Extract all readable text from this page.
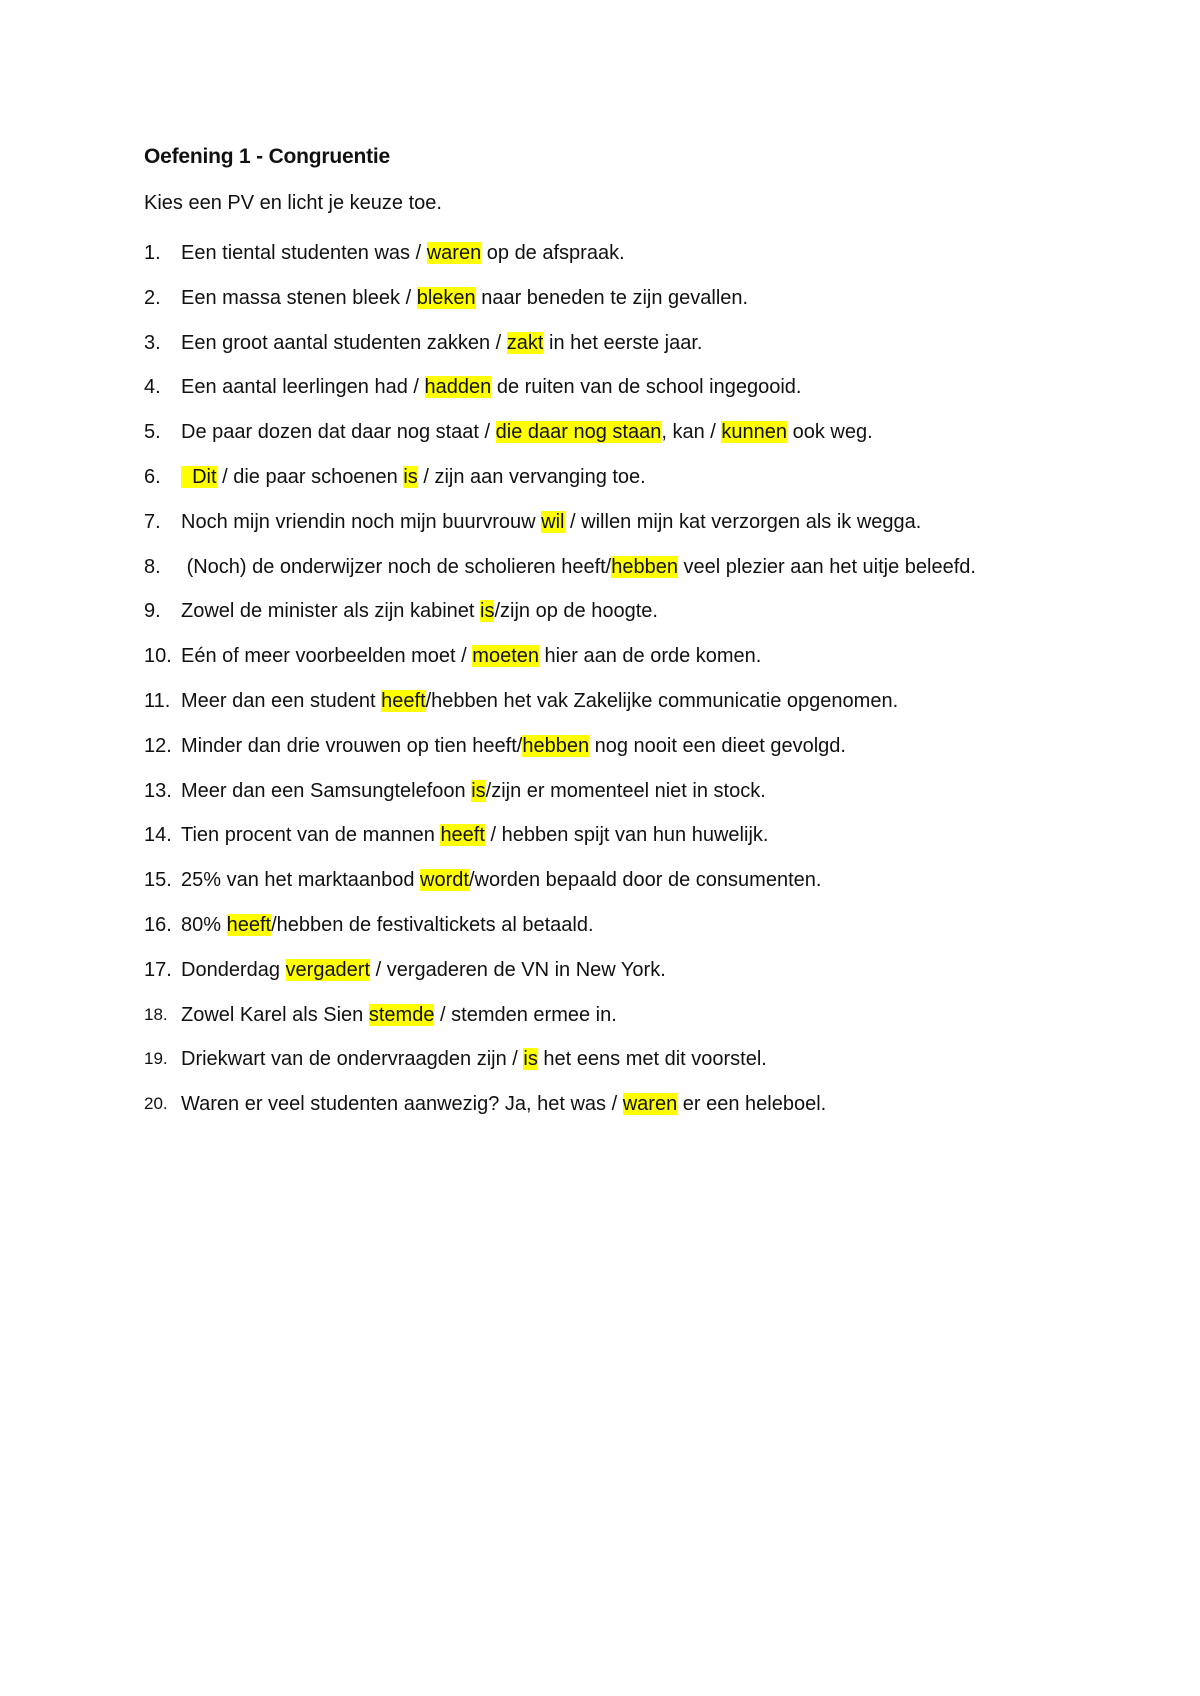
Oefening 1 - Congruentie

Kies een PV en licht je keuze toe.

1. Een tiental studenten was / waren op de afspraak.
2. Een massa stenen bleek / bleken naar beneden te zijn gevallen.
3. Een groot aantal studenten zakken / zakt in het eerste jaar.
4. Een aantal leerlingen had / hadden de ruiten van de school ingegooid.
5. De paar dozen dat daar nog staat / die daar nog staan, kan / kunnen ook weg.
6. Dit / die paar schoenen is / zijn aan vervanging toe.
7. Noch mijn vriendin noch mijn buurvrouw wil / willen mijn kat verzorgen als ik wegga.
8. (Noch) de onderwijzer noch de scholieren heeft/hebben veel plezier aan het uitje beleefd.
9. Zowel de minister als zijn kabinet is/zijn op de hoogte.
10. Eén of meer voorbeelden moet / moeten hier aan de orde komen.
11. Meer dan een student heeft/hebben het vak Zakelijke communicatie opgenomen.
12. Minder dan drie vrouwen op tien heeft/hebben nog nooit een dieet gevolgd.
13. Meer dan een Samsungtelefoon is/zijn er momenteel niet in stock.
14. Tien procent van de mannen heeft / hebben spijt van hun huwelijk.
15. 25% van het marktaanbod wordt/worden bepaald door de consumenten.
16. 80% heeft/hebben de festivaltickets al betaald.
17. Donderdag vergadert / vergaderen de VN in New York.
18. Zowel Karel als Sien stemde / stemden ermee in.
19. Driekwart van de ondervraagden zijn / is het eens met dit voorstel.
20. Waren er veel studenten aanwezig? Ja, het was / waren er een heleboel.
